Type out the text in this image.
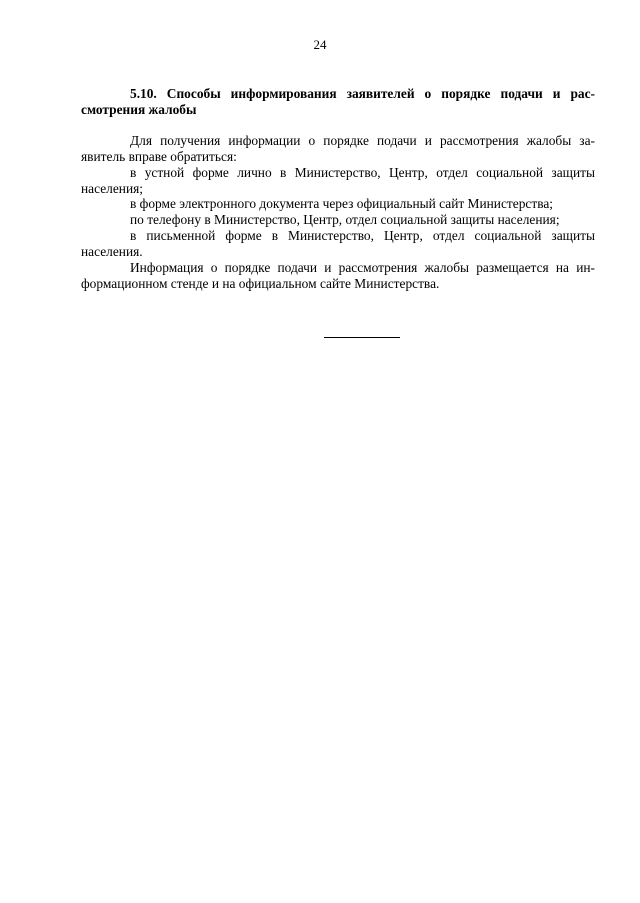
24

5.10. Способы информирования заявителей о порядке подачи и рас-
смотрения жалобы

Для получения информации о порядке подачи и рассмотрения жалобы за-
явитель вправе обратиться:

в устной форме лично в Министерство, Центр, отдел социальной защиты
населения;

в форме электронного документа через официальный сайт Министерства;

по телефону в Министерство, Центр, отдел социальной защиты населения;

в письменной форме в Министерство, Центр, отдел социальной защиты
населения.

Информация о порядке подачи и рассмотрения жалобы размещается на ин-
формационном стенде и на официальном сайте Министерства.
